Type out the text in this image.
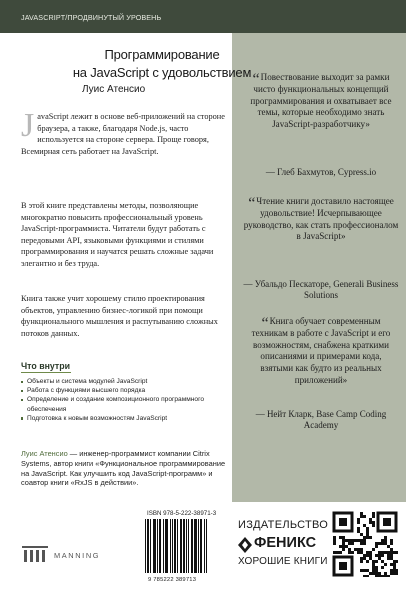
JAVASCRIPT/ПРОДВИНУТЫЙ УРОВЕНЬ
Программирование
на JavaScript с удовольствием
Луис Атенсио
JavaScript лежит в основе веб-приложений на стороне браузера, а также, благодаря Node.js, часто используется на стороне сервера. Проще говоря, Всемирная сеть работает на JavaScript.
В этой книге представлены методы, позволяющие многократно повысить профессиональный уровень JavaScript-программиста. Читатели будут работать с передовыми API, языковыми функциями и стилями программирования и научатся решать сложные задачи элегантно и без труда.
Книга также учит хорошему стилю проектирования объектов, управлению бизнес-логикой при помощи функционального мышления и распутыванию сложных потоков данных.
Что внутри
Объекты и система модулей JavaScript
Работа с функциями высшего порядка
Определение и создание композиционного программного обеспечения
Подготовка к новым возможностям JavaScript
Луис Атенсио — инженер-программист компании Citrix Systems, автор книги «Функциональное программирование на JavaScript. Как улучшить код JavaScript-программ» и соавтор книги «RxJS в действии».
ISBN 978-5-222-38971-3
9 785222 389713
MANNING
“Повествование выходит за рамки чисто функциональных концепций программирования и охватывает все темы, которые необходимо знать JavaScript-разработчику»
— Глеб Бахмутов, Cypress.io
“Чтение книги доставило настоящее удовольствие! Исчерпывающее руководство, как стать профессионалом в JavaScript»
— Убальдо Пескаторе, Generali Business Solutions
“Книга обучает современным техникам в работе с JavaScript и его возможностям, снабжена краткими описаниями и примерами кода, взятыми как будто из реальных приложений»
— Нейт Кларк, Base Camp Coding Academy
ИЗДАТЕЛЬСТВО
ФЕНИКС
ХОРОШИЕ КНИГИ
